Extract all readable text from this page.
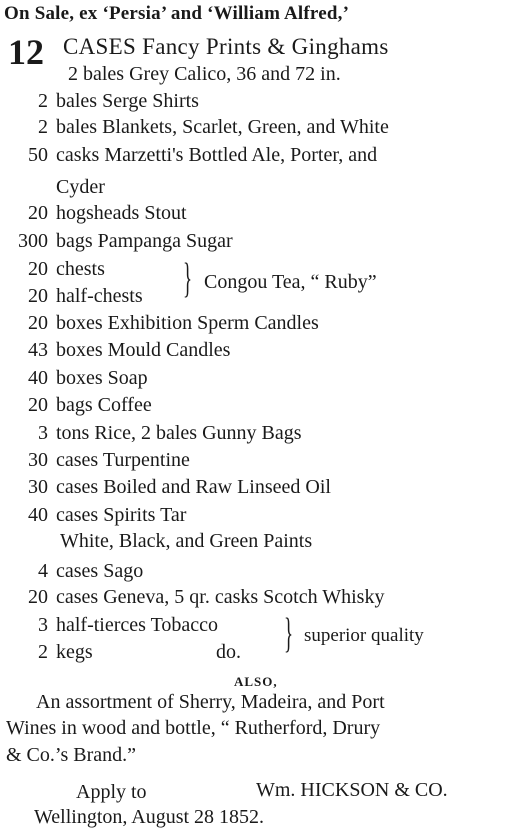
On Sale, ex ‘Persia’ and ‘William Alfred,’
12 CASES Fancy Prints & Ginghams
2 bales Grey Calico, 36 and 72 in.
2 bales Serge Shirts
2 bales Blankets, Scarlet, Green, and White
50 casks Marzetti's Bottled Ale, Porter, and
Cyder
20 hogsheads Stout
300 bags Pampanga Sugar
20 chests
20 half-chests } Congou Tea, “ Ruby”
20 boxes Exhibition Sperm Candles
43 boxes Mould Candles
40 boxes Soap
20 bags Coffee
3 tons Rice, 2 bales Gunny Bags
30 cases Turpentine
30 cases Boiled and Raw Linseed Oil
40 cases Spirits Tar
White, Black, and Green Paints
4 cases Sago
20 cases Geneva, 5 qr. casks Scotch Whisky
3 half-tierces Tobacco
2 kegs	do. } superior quality
ALSO,
An assortment of Sherry, Madeira, and Port
Wines in wood and bottle, “ Rutherford, Drury
& Co.’s Brand.”
Apply to	Wm. HICKSON & CO.
Wellington, August 28 1852.
